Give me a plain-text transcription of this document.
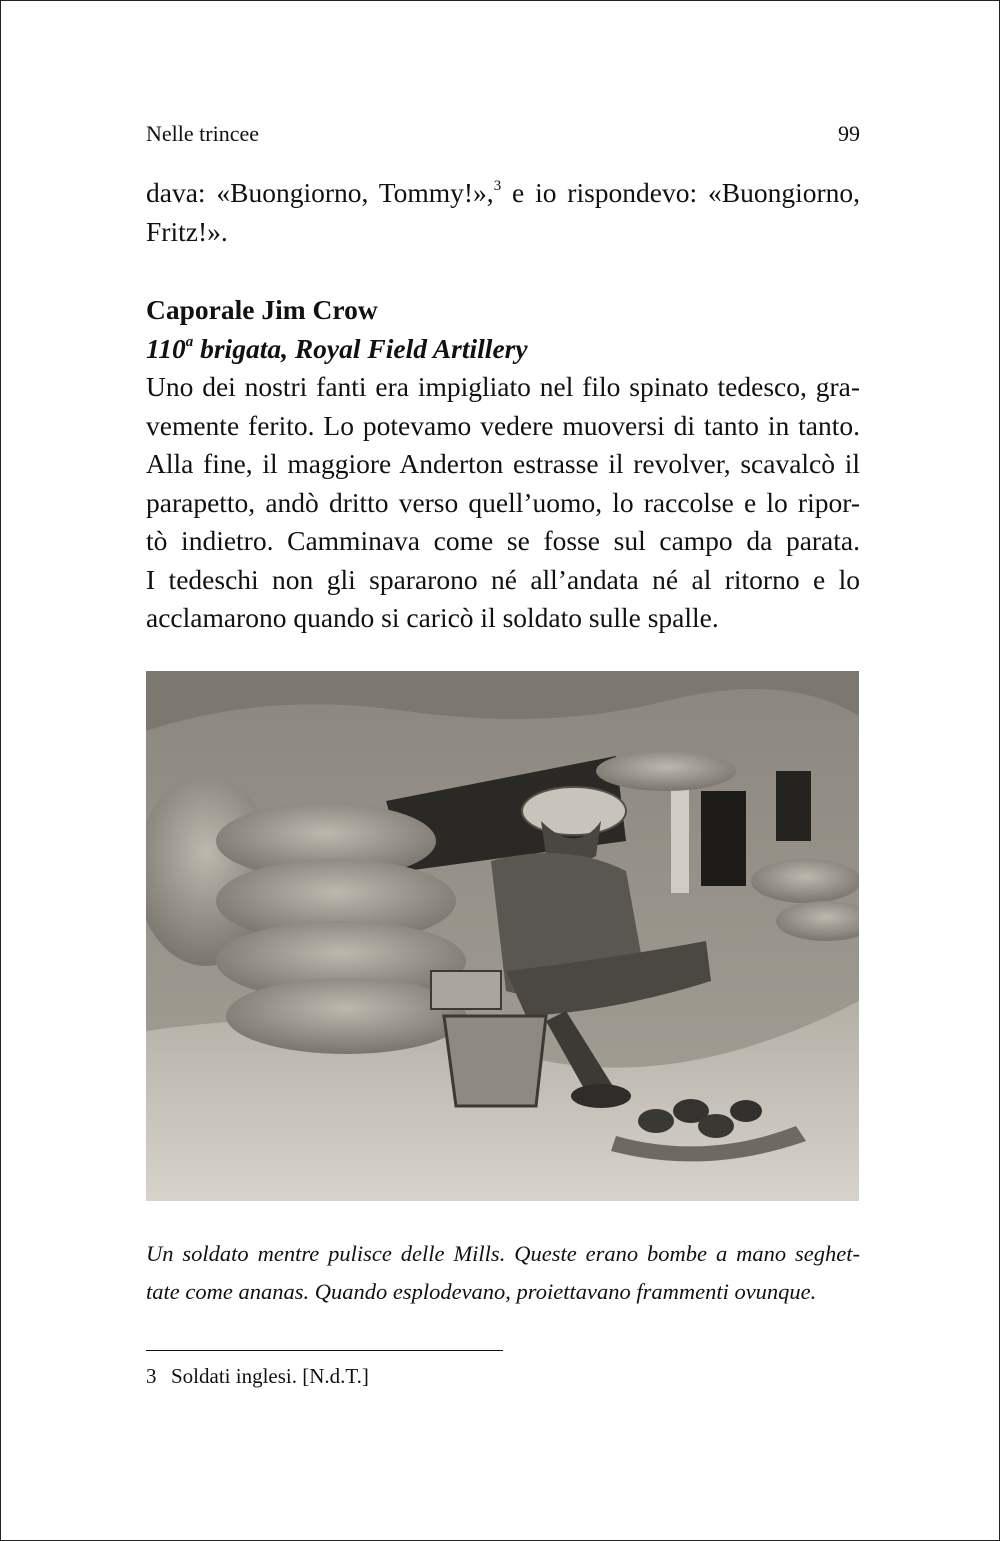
Nelle trincee	99
dava: «Buongiorno, Tommy!»,$^3$ e io rispondevo: «Buongiorno,
Fritz!».
Caporale Jim Crow
110$^a$ brigata, Royal Field Artillery
Uno dei nostri fanti era impigliato nel filo spinato tedesco, gra-
vemente ferito. Lo potevamo vedere muoversi di tanto in tanto.
Alla fine, il maggiore Anderton estrasse il revolver, scavalcò il
parapetto, andò dritto verso quell’uomo, lo raccolse e lo ripor-
tò indietro. Camminava come se fosse sul campo da parata.
I tedeschi non gli spararono né all’andata né al ritorno e lo
acclamarono quando si caricò il soldato sulle spalle.
Un soldato mentre pulisce delle Mills. Queste erano bombe a mano seghet-
tate come ananas. Quando esplodevano, proiettavano frammenti ovunque.
3 Soldati inglesi. [N.d.T.]
